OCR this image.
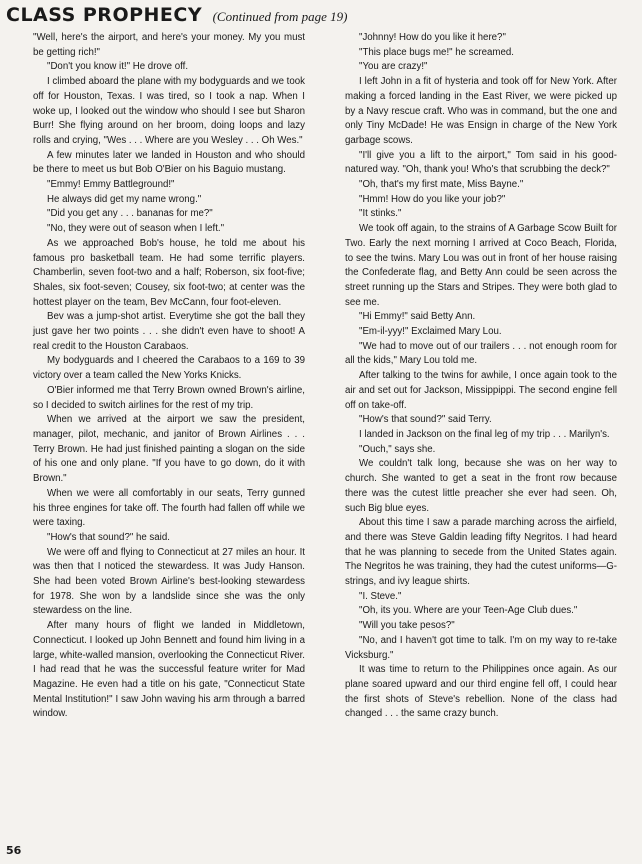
CLASS PROPHECY (Continued from page 19)

"Well, here's the airport, and here's your money. My you must be getting rich!"

"Don't you know it!" He drove off.

I climbed aboard the plane with my bodyguards and we took off for Houston, Texas. I was tired, so I took a nap. When I woke up, I looked out the window who should I see but Sharon Burr! She flying around on her broom, doing loops and lazy rolls and crying, "Wes . . . Where are you Wesley . . . Oh Wes."

A few minutes later we landed in Houston and who should be there to meet us but Bob O'Bier on his Baguio mustang.

"Emmy! Emmy Battleground!"

He always did get my name wrong."

"Did you get any . . . bananas for me?"

"No, they were out of season when I left."

As we approached Bob's house, he told me about his famous pro basketball team. He had some terrific players. Chamberlin, seven foot-two and a half; Roberson, six foot-five; Shales, six foot-seven; Cousey, six foot-two; at center was the hottest player on the team, Bev McCann, four foot-eleven.

Bev was a jump-shot artist. Everytime she got the ball they just gave her two points . . . she didn't even have to shoot! A real credit to the Houston Carabaos.

My bodyguards and I cheered the Carabaos to a 169 to 39 victory over a team called the New Yorks Knicks.

O'Bier informed me that Terry Brown owned Brown's airline, so I decided to switch airlines for the rest of my trip.

When we arrived at the airport we saw the president, manager, pilot, mechanic, and janitor of Brown Airlines . . . Terry Brown. He had just finished painting a slogan on the side of his one and only plane. "If you have to go down, do it with Brown."

When we were all comfortably in our seats, Terry gunned his three engines for take off. The fourth had fallen off while we were taxing.

"How's that sound?" he said.

We were off and flying to Connecticut at 27 miles an hour. It was then that I noticed the stewardess. It was Judy Hanson. She had been voted Brown Airline's best-looking stewardess for 1978. She won by a landslide since she was the only stewardess on the line.

After many hours of flight we landed in Middletown, Connecticut. I looked up John Bennett and found him living in a large, white-walled mansion, overlooking the Connecticut River. I had read that he was the successful feature writer for Mad Magazine. He even had a title on his gate, "Connecticut State Mental Institution!" I saw John waving his arm through a barred window.

"Johnny! How do you like it here?"

"This place bugs me!" he screamed.

"You are crazy!"

I left John in a fit of hysteria and took off for New York. After making a forced landing in the East River, we were picked up by a Navy rescue craft. Who was in command, but the one and only Tiny McDade! He was Ensign in charge of the New York garbage scows.

"I'll give you a lift to the airport," Tom said in his good-natured way. "Oh, thank you! Who's that scrubbing the deck?"

"Oh, that's my first mate, Miss Bayne."

"Hmm! How do you like your job?"

"It stinks."

We took off again, to the strains of A Garbage Scow Built for Two. Early the next morning I arrived at Coco Beach, Florida, to see the twins. Mary Lou was out in front of her house raising the Confederate flag, and Betty Ann could be seen across the street running up the Stars and Stripes. They were both glad to see me.

"Hi Emmy!" said Betty Ann.

"Em-il-yyy!" Exclaimed Mary Lou.

"We had to move out of our trailers . . . not enough room for all the kids," Mary Lou told me.

After talking to the twins for awhile, I once again took to the air and set out for Jackson, Missippippi. The second engine fell off on take-off.

"How's that sound?" said Terry.

I landed in Jackson on the final leg of my trip . . . Marilyn's.

"Ouch," says she.

We couldn't talk long, because she was on her way to church. She wanted to get a seat in the front row because there was the cutest little preacher she ever had seen. Oh, such Big blue eyes.

About this time I saw a parade marching across the airfield, and there was Steve Galdin leading fifty Negritos. I had heard that he was planning to secede from the United States again. The Negritos he was training, they had the cutest uniforms—G-strings, and ivy league shirts.

"I. Steve."

"Oh, its you. Where are your Teen-Age Club dues."

"Will you take pesos?"

"No, and I haven't got time to talk. I'm on my way to re-take Vicksburg."

It was time to return to the Philippines once again. As our plane soared upward and our third engine fell off, I could hear the first shots of Steve's rebellion. None of the class had changed . . . the same crazy bunch.

56
